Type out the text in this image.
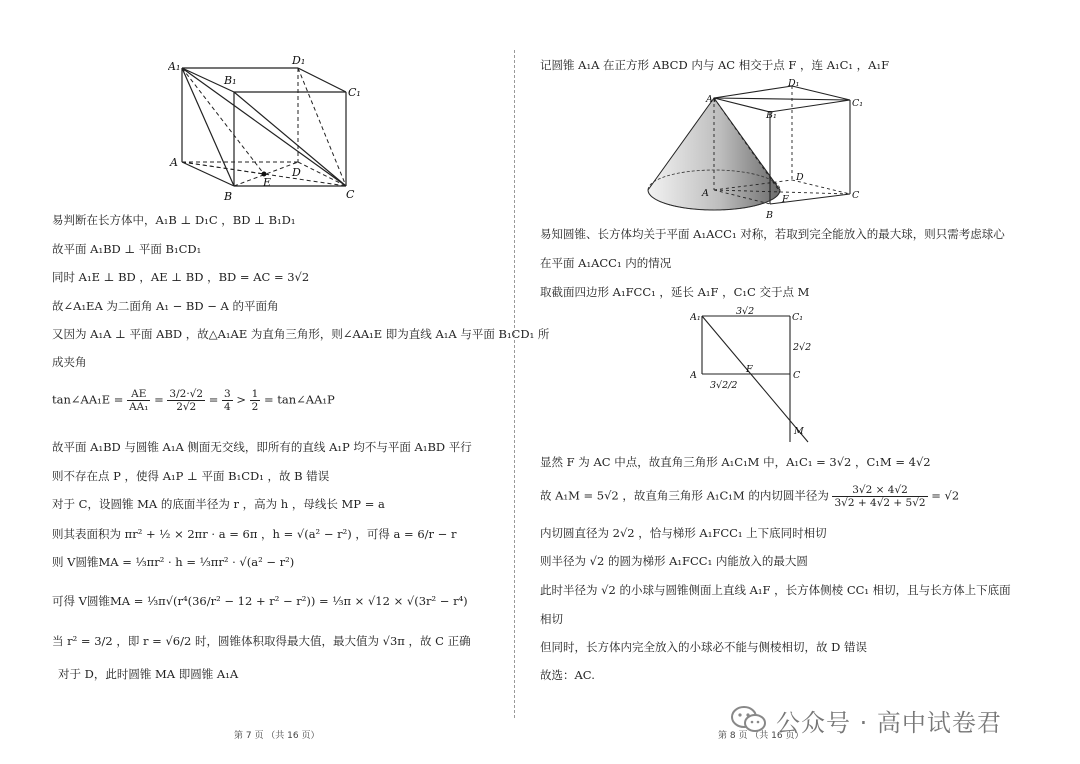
A₁
B₁
D₁
C₁
A
D
B
E
C
易判断在长方体中，A₁B ⊥ D₁C ，BD ⊥ B₁D₁
故平面 A₁BD ⊥ 平面 B₁CD₁
同时 A₁E ⊥ BD ，AE ⊥ BD ，BD = AC = 3√2
故∠A₁EA 为二面角 A₁ − BD − A 的平面角
又因为 A₁A ⊥ 平面 ABD ，故△A₁AE 为直角三角形，则∠AA₁E 即为直线 A₁A 与平面 B₁CD₁ 所
成夹角
tan∠AA₁E = $\frac{AE}{\text{AA₁}} = \frac{3/2\cdot√2}{2√2} = \frac{3}{4} > \frac{1}{2}$ = tan∠AA₁P
故平面 A₁BD 与圆锥 A₁A 侧面无交线，即所有的直线 A₁P 均不与平面 A₁BD 平行
则不存在点 P ，使得 A₁P ⊥ 平面 B₁CD₁ ，故 B 错误
对于 C，设圆锥 MA 的底面半径为 r ，高为 h ，母线长 MP = a
则其表面积为 πr² + ½ × 2πr · a = 6π ，h = √(a² − r²) ，可得 a = 6/r − r
则 V圆锥MA = ⅓πr² · h = ⅓πr² · √(a² − r²)
可得 V圆锥MA = ⅓π√(r⁴(36/r² − 12 + r² − r²)) = ⅓π × √12 × √(3r² − r⁴)
当 r² = 3/2 ，即 r = √6/2 时，圆锥体积取得最大值，最大值为 √3π ，故 C 正确
对于 D，此时圆锥 MA 即圆锥 A₁A
第 7 页 （共 16 页）
记圆锥 A₁A 在正方形 ABCD 内与 AC 相交于点 F ，连 A₁C₁ ，A₁F
A₁
D₁
B₁
C₁
D
A
F
B
C
易知圆锥、长方体均关于平面 A₁ACC₁ 对称，若取到完全能放入的最大球，则只需考虑球心
在平面 A₁ACC₁ 内的情况
取截面四边形 A₁FCC₁ ，延长 A₁F ，C₁C 交于点 M
A₁
3√2
C₁
2√2
A
F
C
3√2/2
M
显然 F 为 AC 中点，故直角三角形 A₁C₁M 中，A₁C₁ = 3√2 ，C₁M = 4√2
故 A₁M = 5√2 ，故直角三角形 A₁C₁M 的内切圆半径为 $\frac{3√2 \times 4√2}{3√2 + 4√2 + 5√2} = √2$
内切圆直径为 2√2 ，恰与梯形 A₁FCC₁ 上下底同时相切
则半径为 √2 的圆为梯形 A₁FCC₁ 内能放入的最大圆
此时半径为 √2 的小球与圆锥侧面上直线 A₁F ，长方体侧棱 CC₁ 相切，且与长方体上下底面
相切
但同时，长方体内完全放入的小球必不能与侧棱相切，故 D 错误
故选：AC.
第 8 页 （共 16 页）
公众号 · 高中试卷君
